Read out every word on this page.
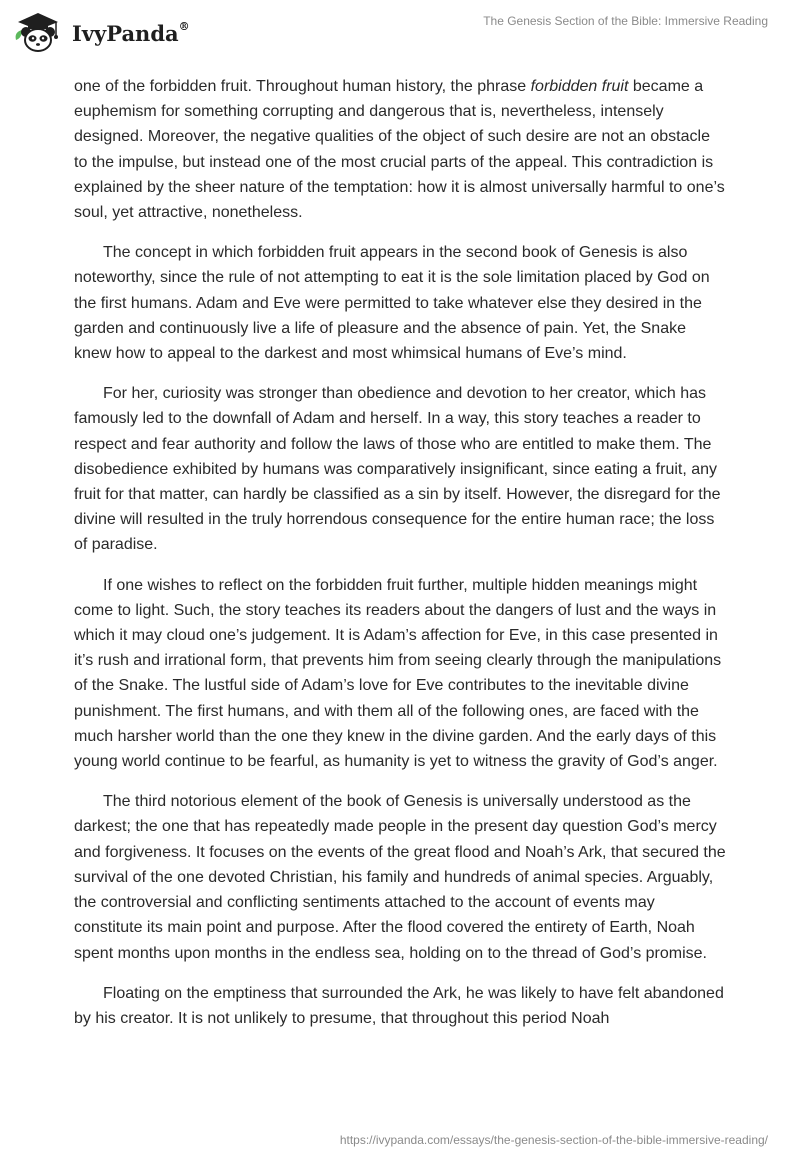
IvyPanda®	The Genesis Section of the Bible: Immersive Reading

one of the forbidden fruit. Throughout human history, the phrase forbidden fruit became a euphemism for something corrupting and dangerous that is, nevertheless, intensely designed. Moreover, the negative qualities of the object of such desire are not an obstacle to the impulse, but instead one of the most crucial parts of the appeal. This contradiction is explained by the sheer nature of the temptation: how it is almost universally harmful to one’s soul, yet attractive, nonetheless.

The concept in which forbidden fruit appears in the second book of Genesis is also noteworthy, since the rule of not attempting to eat it is the sole limitation placed by God on the first humans. Adam and Eve were permitted to take whatever else they desired in the garden and continuously live a life of pleasure and the absence of pain. Yet, the Snake knew how to appeal to the darkest and most whimsical humans of Eve’s mind.

For her, curiosity was stronger than obedience and devotion to her creator, which has famously led to the downfall of Adam and herself. In a way, this story teaches a reader to respect and fear authority and follow the laws of those who are entitled to make them. The disobedience exhibited by humans was comparatively insignificant, since eating a fruit, any fruit for that matter, can hardly be classified as a sin by itself. However, the disregard for the divine will resulted in the truly horrendous consequence for the entire human race; the loss of paradise.

If one wishes to reflect on the forbidden fruit further, multiple hidden meanings might come to light. Such, the story teaches its readers about the dangers of lust and the ways in which it may cloud one’s judgement. It is Adam’s affection for Eve, in this case presented in it’s rush and irrational form, that prevents him from seeing clearly through the manipulations of the Snake. The lustful side of Adam’s love for Eve contributes to the inevitable divine punishment. The first humans, and with them all of the following ones, are faced with the much harsher world than the one they knew in the divine garden. And the early days of this young world continue to be fearful, as humanity is yet to witness the gravity of God’s anger.

The third notorious element of the book of Genesis is universally understood as the darkest; the one that has repeatedly made people in the present day question God’s mercy and forgiveness. It focuses on the events of the great flood and Noah’s Ark, that secured the survival of the one devoted Christian, his family and hundreds of animal species. Arguably, the controversial and conflicting sentiments attached to the account of events may constitute its main point and purpose. After the flood covered the entirety of Earth, Noah spent months upon months in the endless sea, holding on to the thread of God’s promise.

Floating on the emptiness that surrounded the Ark, he was likely to have felt abandoned by his creator. It is not unlikely to presume, that throughout this period Noah

https://ivypanda.com/essays/the-genesis-section-of-the-bible-immersive-reading/
